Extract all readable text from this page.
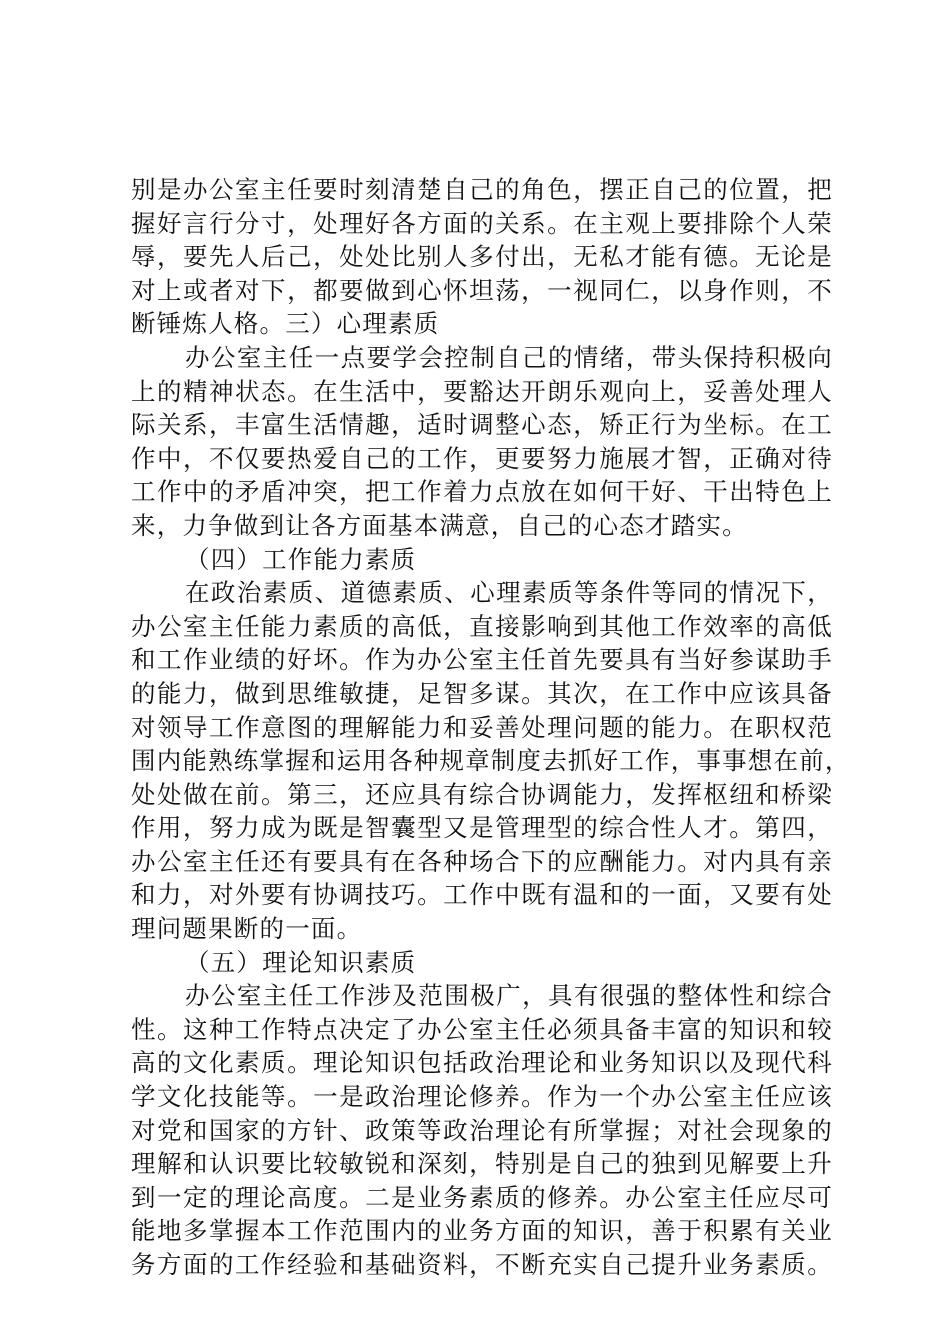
别是办公室主任要时刻清楚自己的角色，摆正自己的位置，把
握好言行分寸，处理好各方面的关系。在主观上要排除个人荣
辱，要先人后己，处处比别人多付出，无私才能有德。无论是
对上或者对下，都要做到心怀坦荡，一视同仁，以身作则，不
断锤炼人格。三）心理素质
办公室主任一点要学会控制自己的情绪，带头保持积极向
上的精神状态。在生活中，要豁达开朗乐观向上，妥善处理人
际关系，丰富生活情趣，适时调整心态，矫正行为坐标。在工
作中，不仅要热爱自己的工作，更要努力施展才智，正确对待
工作中的矛盾冲突，把工作着力点放在如何干好、干出特色上
来，力争做到让各方面基本满意，自己的心态才踏实。
（四）工作能力素质
在政治素质、道德素质、心理素质等条件等同的情况下，
办公室主任能力素质的高低，直接影响到其他工作效率的高低
和工作业绩的好坏。作为办公室主任首先要具有当好参谋助手
的能力，做到思维敏捷，足智多谋。其次，在工作中应该具备
对领导工作意图的理解能力和妥善处理问题的能力。在职权范
围内能熟练掌握和运用各种规章制度去抓好工作，事事想在前，
处处做在前。第三，还应具有综合协调能力，发挥枢纽和桥梁
作用，努力成为既是智囊型又是管理型的综合性人才。第四，
办公室主任还有要具有在各种场合下的应酬能力。对内具有亲
和力，对外要有协调技巧。工作中既有温和的一面，又要有处
理问题果断的一面。
（五）理论知识素质
办公室主任工作涉及范围极广，具有很强的整体性和综合
性。这种工作特点决定了办公室主任必须具备丰富的知识和较
高的文化素质。理论知识包括政治理论和业务知识以及现代科
学文化技能等。一是政治理论修养。作为一个办公室主任应该
对党和国家的方针、政策等政治理论有所掌握；对社会现象的
理解和认识要比较敏锐和深刻，特别是自己的独到见解要上升
到一定的理论高度。二是业务素质的修养。办公室主任应尽可
能地多掌握本工作范围内的业务方面的知识，善于积累有关业
务方面的工作经验和基础资料，不断充实自己提升业务素质。
